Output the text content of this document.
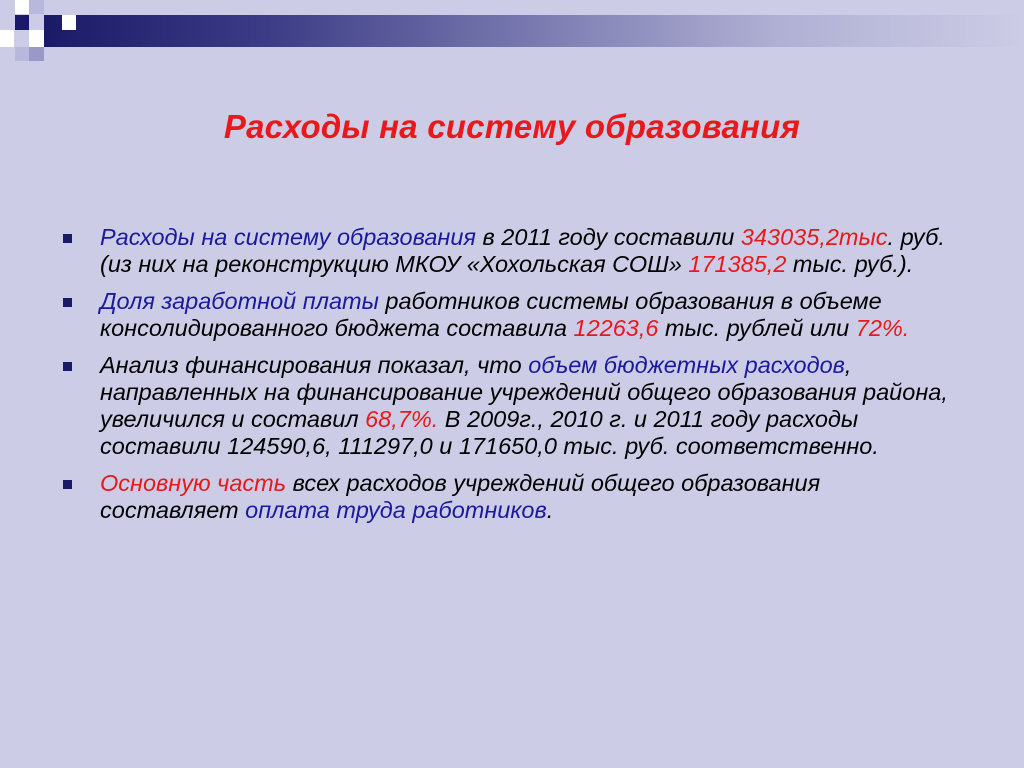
Расходы на систему образования
Расходы на систему образования в 2011 году составили 343035,2тыс. руб. (из них на реконструкцию МКОУ «Хохольская СОШ» 171385,2 тыс. руб.).
Доля заработной платы работников системы образования в объеме консолидированного бюджета составила 12263,6 тыс. рублей или 72%.
Анализ финансирования показал, что объем бюджетных расходов, направленных на финансирование учреждений общего образования района, увеличился и составил 68,7%. В 2009г., 2010 г. и 2011 году расходы составили 124590,6, 111297,0 и 171650,0 тыс. руб. соответственно.
Основную часть всех расходов учреждений общего образования составляет оплата труда работников.
